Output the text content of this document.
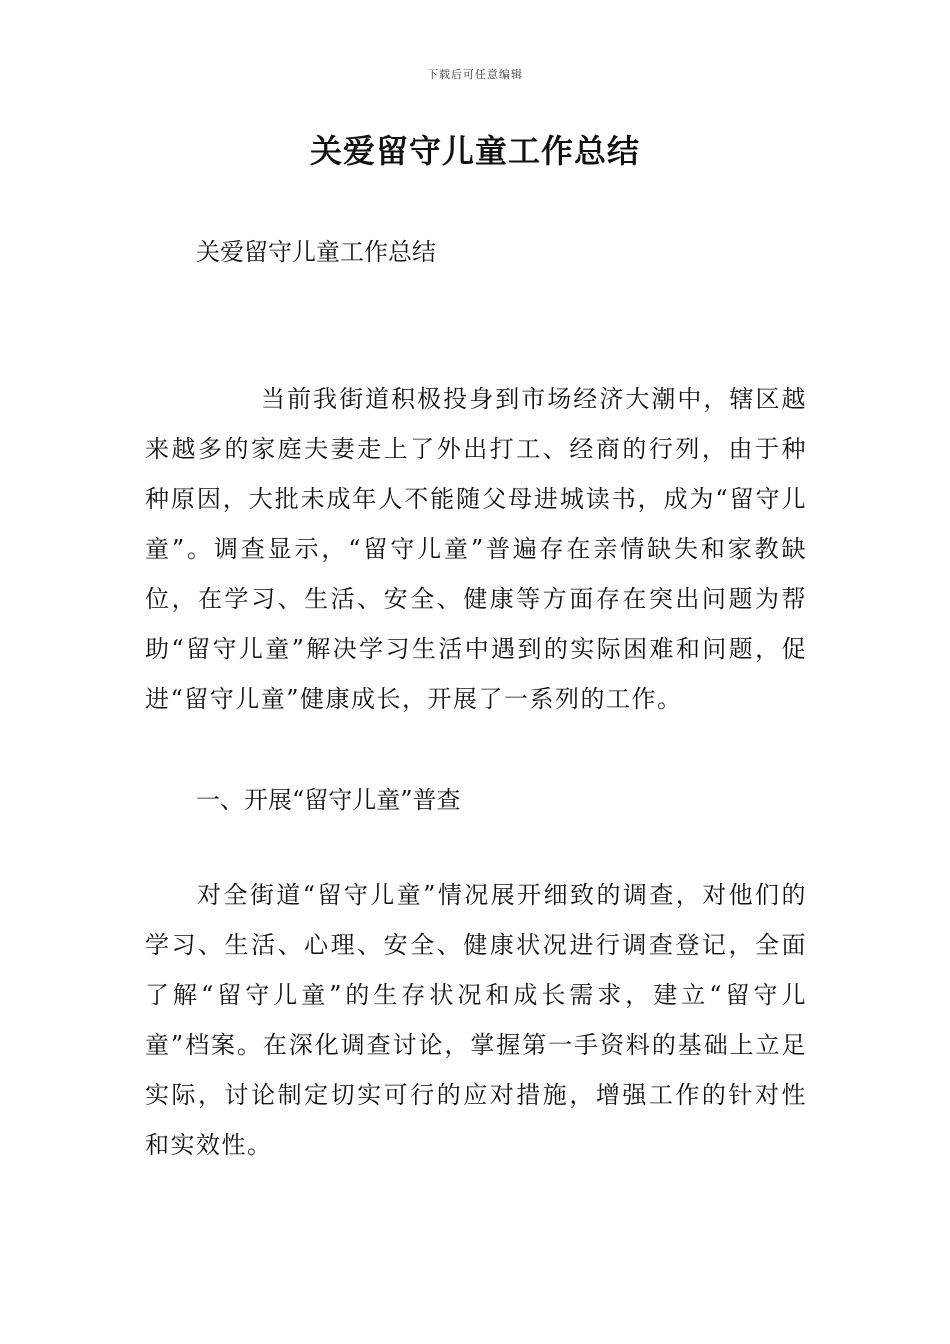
下载后可任意编辑
关爱留守儿童工作总结

关爱留守儿童工作总结

当前我街道积极投身到市场经济大潮中，辖区越来越多的家庭夫妻走上了外出打工、经商的行列，由于种种原因，大批未成年人不能随父母进城读书，成为“留守儿童”。调查显示，“留守儿童”普遍存在亲情缺失和家教缺位，在学习、生活、安全、健康等方面存在突出问题为帮助“留守儿童”解决学习生活中遇到的实际困难和问题，促进“留守儿童”健康成长，开展了一系列的工作。

一、开展“留守儿童”普查

对全街道“留守儿童”情况展开细致的调查，对他们的学习、生活、心理、安全、健康状况进行调查登记，全面了解“留守儿童”的生存状况和成长需求，建立“留守儿童”档案。在深化调查讨论，掌握第一手资料的基础上立足实际，讨论制定切实可行的应对措施，增强工作的针对性和实效性。
